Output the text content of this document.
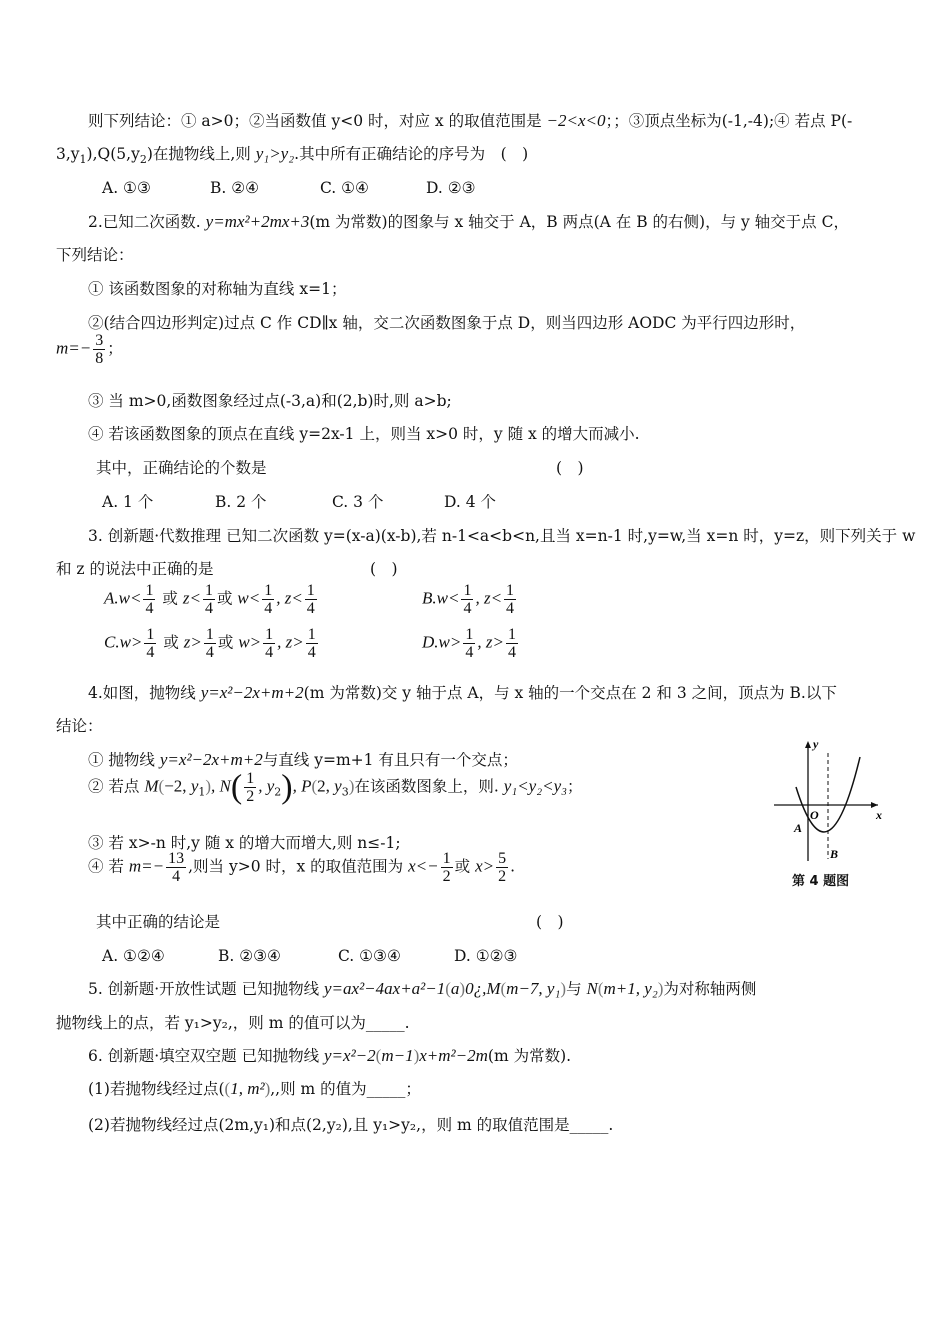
则下列结论：① a>0；②当函数值 y<0 时，对应 x 的取值范围是 −2<x<0；；③顶点坐标为(-1,-4);④ 若点 P(-
$3,y_1),Q(5,y_2)$在抛物线上,则 y₁>y₂.其中所有正确结论的序号为　(　)
A. ①③	B. ②④	C. ①④	D. ②③
2.已知二次函数. y=mx²+2mx+3(m 为常数)的图象与 x 轴交于 A，B 两点(A 在 B 的右侧)，与 y 轴交于点 C，
下列结论：
① 该函数图象的对称轴为直线 x=1；
②(结合四边形判定)过点 C 作 CD∥x 轴，交二次函数图象于点 D，则当四边形 AODC 为平行四边形时，
$m=- \frac{3}{8}$ ；
③ 当 m>0,函数图象经过点(-3,a)和(2,b)时,则 a>b;
④ 若该函数图象的顶点在直线 y=2x-1 上，则当 x>0 时，y 随 x 的增大而减小.
其中，正确结论的个数是	(　)
A. 1 个	B. 2 个	C. 3 个	D. 4 个
3. 创新题·代数推理 已知二次函数 y=(x-a)(x-b),若 n-1<a<b<n,且当 x=n-1 时,y=w,当 x=n 时，y=z，则下列关于 w
和 z 的说法中正确的是	(　)
$A.w< \frac{1}{4}$ 或 $z< \frac{1}{4}$ 或 $w< \frac{1}{4}$ , $z< \frac{1}{4}$	$B.w< \frac{1}{4}$ , $z< \frac{1}{4}$
$C.w> \frac{1}{4}$ 或 $z> \frac{1}{4}$ 或 $w> \frac{1}{4}$ , $z> \frac{1}{4}$	$D.w> \frac{1}{4}$ , $z> \frac{1}{4}$
4.如图，抛物线 y=x²−2x+m+2(m 为常数)交 y 轴于点 A，与 x 轴的一个交点在 2 和 3 之间，顶点为 B.以下
结论：
① 抛物线 y=x²−2x+m+2与直线 y=m+1 有且只有一个交点；
② 若点 M(−2, $y_1$), $N( \frac{1}{2}$ , $y_2$), P(2, $y_3$)在该函数图象上，则. y₁<y₂<y₃；
③ 若 x>-n 时,y 随 x 的增大而增大,则 n≤-1;
④ 若 $m=- \frac{13}{4}$ ,则当 y>0 时，x 的取值范围为 $x<- \frac{1}{2}$ 或 $x> \frac{5}{2}$ .
其中正确的结论是	(　)
A. ①②④	B. ②③④	C. ①③④	D. ①②③
y
x
O
A
B
第 4 题图
5. 创新题·开放性试题 已知抛物线 y=ax²−4ax+a²−1(a)0¿,M(m−7, y₁)与 N(m+1, y₂)为对称轴两侧
抛物线上的点，若 y₁>y₂,，则 m 的值可以为_____.
6. 创新题·填空双空题 已知抛物线 y=x²−2(m−1)x+m²−2m(m 为常数).
(1)若抛物线经过点((1, m²),,则 m 的值为_____；
(2)若抛物线经过点(2m,y₁)和点(2,y₂),且 y₁>y₂,，则 m 的取值范围是_____.
